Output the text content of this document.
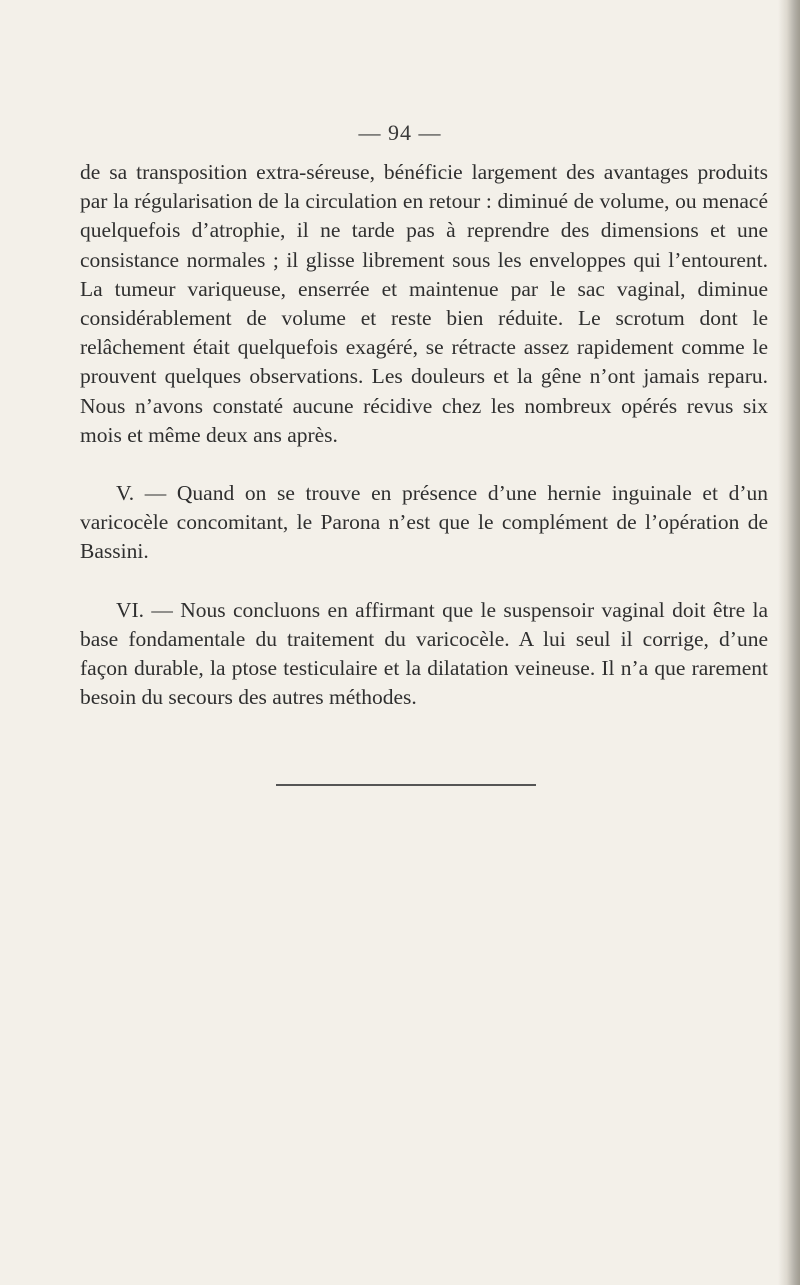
— 94 —

de sa transposition extra-séreuse, bénéficie largement des avantages produits par la régularisation de la circulation en retour : diminué de volume, ou menacé quelquefois d’atrophie, il ne tarde pas à reprendre des dimensions et une consistance normales ; il glisse librement sous les enveloppes qui l’entourent. La tumeur variqueuse, enserrée et maintenue par le sac vaginal, diminue considérablement de volume et reste bien réduite. Le scrotum dont le relâchement était quelquefois exagéré, se rétracte assez rapidement comme le prouvent quelques observations. Les douleurs et la gêne n’ont jamais reparu. Nous n’avons constaté aucune récidive chez les nombreux opérés revus six mois et même deux ans après.

V. — Quand on se trouve en présence d’une hernie inguinale et d’un varicocèle concomitant, le Parona n’est que le complément de l’opération de Bassini.

VI. — Nous concluons en affirmant que le suspensoir vaginal doit être la base fondamentale du traitement du varicocèle. A lui seul il corrige, d’une façon durable, la ptose testiculaire et la dilatation veineuse. Il n’a que rarement besoin du secours des autres méthodes.
